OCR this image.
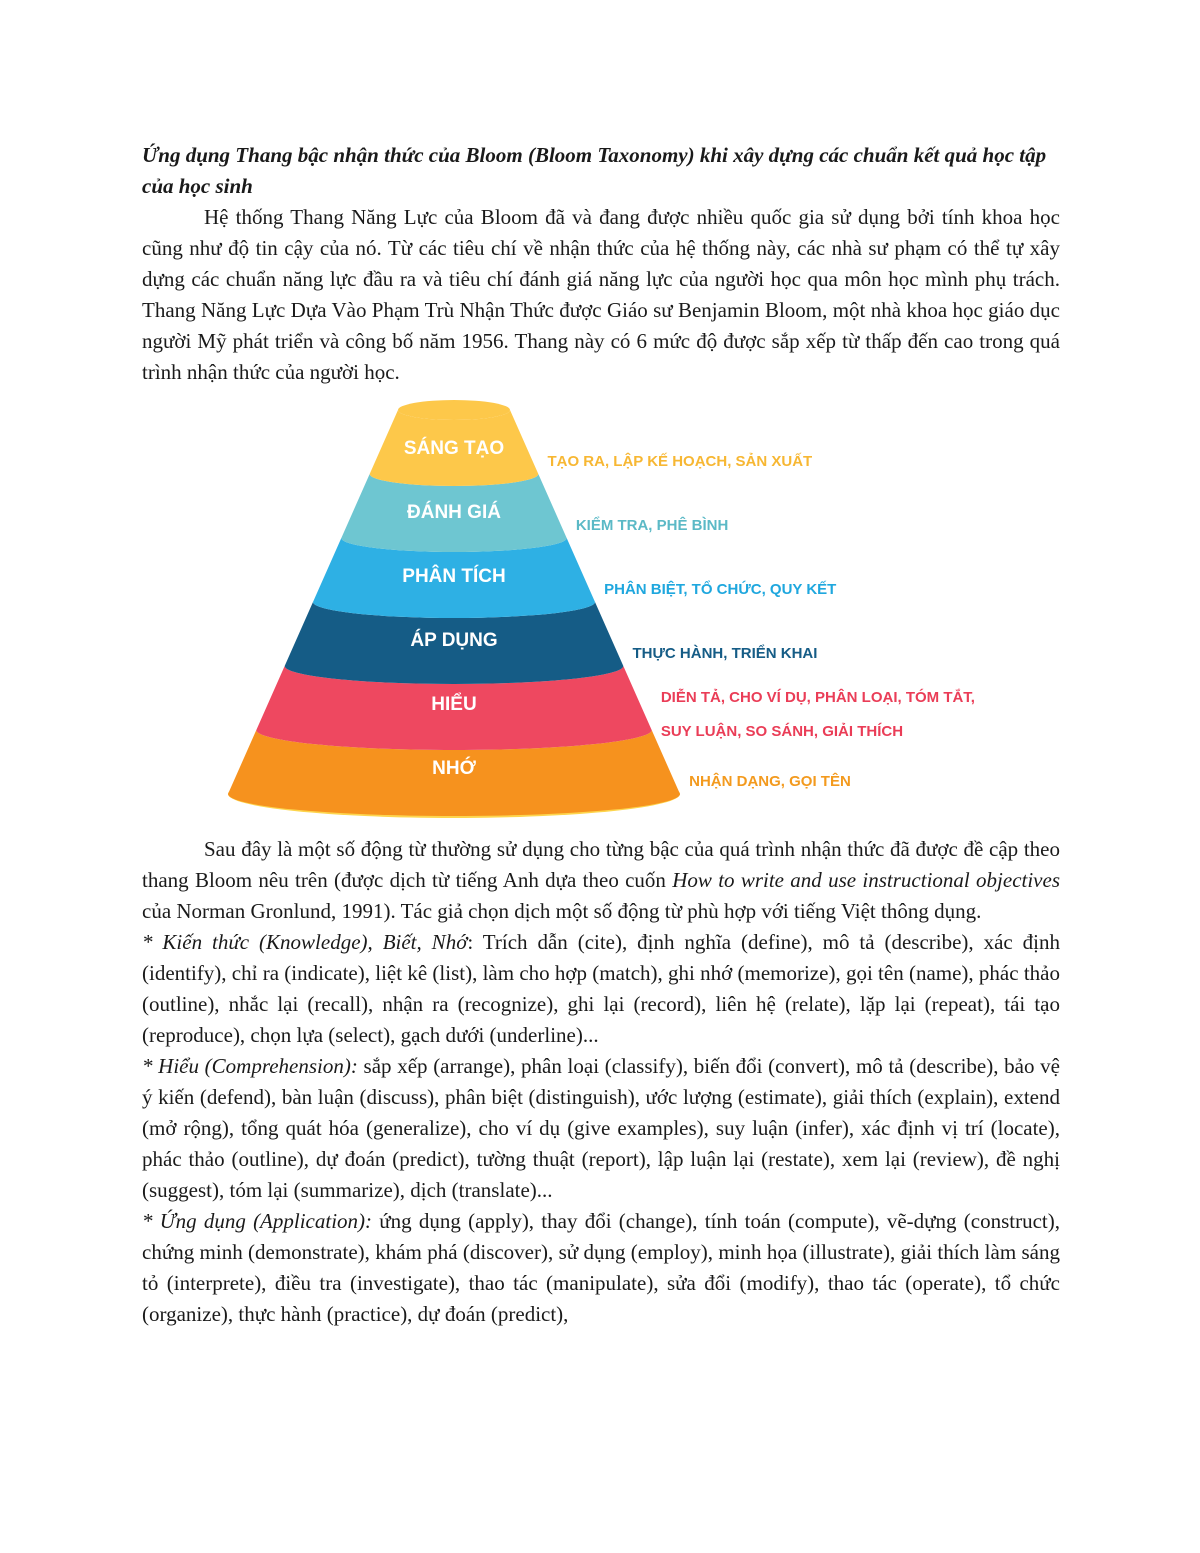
Ứng dụng Thang bậc nhận thức của Bloom (Bloom Taxonomy) khi xây dựng các chuẩn kết quả học tập của học sinh

Hệ thống Thang Năng Lực của Bloom đã và đang được nhiều quốc gia sử dụng bởi tính khoa học cũng như độ tin cậy của nó. Từ các tiêu chí về nhận thức của hệ thống này, các nhà sư phạm có thể tự xây dựng các chuẩn năng lực đầu ra và tiêu chí đánh giá năng lực của người học qua môn học mình phụ trách. Thang Năng Lực Dựa Vào Phạm Trù Nhận Thức được Giáo sư Benjamin Bloom, một nhà khoa học giáo dục người Mỹ phát triển và công bố năm 1956. Thang này có 6 mức độ được sắp xếp từ thấp đến cao trong quá trình nhận thức của người học.

SÁNG TẠO
TẠO RA, LẬP KẾ HOẠCH, SẢN XUẤT
ĐÁNH GIÁ
KIỂM TRA, PHÊ BÌNH
PHÂN TÍCH
PHÂN BIỆT, TỔ CHỨC, QUY KẾT
ÁP DỤNG
THỰC HÀNH, TRIỂN KHAI
HIỂU	DIỄN TẢ, CHO VÍ DỤ, PHÂN LOẠI, TÓM TẮT,
SUY LUẬN, SO SÁNH, GIẢI THÍCH
NHỚ
NHẬN DẠNG, GỌI TÊN

Sau đây là một số động từ thường sử dụng cho từng bậc của quá trình nhận thức đã được đề cập theo thang Bloom nêu trên (được dịch từ tiếng Anh dựa theo cuốn How to write and use instructional objectives của Norman Gronlund, 1991). Tác giả chọn dịch một số động từ phù hợp với tiếng Việt thông dụng.

* Kiến thức (Knowledge), Biết, Nhớ: Trích dẫn (cite), định nghĩa (define), mô tả (describe), xác định (identify), chỉ ra (indicate), liệt kê (list), làm cho hợp (match), ghi nhớ (memorize), gọi tên (name), phác thảo (outline), nhắc lại (recall), nhận ra (recognize), ghi lại (record), liên hệ (relate), lặp lại (repeat), tái tạo (reproduce), chọn lựa (select), gạch dưới (underline)...

* Hiểu (Comprehension): sắp xếp (arrange), phân loại (classify), biến đổi (convert), mô tả (describe), bảo vệ ý kiến (defend), bàn luận (discuss), phân biệt (distinguish), ước lượng (estimate), giải thích (explain), extend (mở rộng), tổng quát hóa (generalize), cho ví dụ (give examples), suy luận (infer), xác định vị trí (locate), phác thảo (outline), dự đoán (predict), tường thuật (report), lập luận lại (restate), xem lại (review), đề nghị (suggest), tóm lại (summarize), dịch (translate)...

* Ứng dụng (Application): ứng dụng (apply), thay đổi (change), tính toán (compute), vẽ-dựng (construct), chứng minh (demonstrate), khám phá (discover), sử dụng (employ), minh họa (illustrate), giải thích làm sáng tỏ (interprete), điều tra (investigate), thao tác (manipulate), sửa đổi (modify), thao tác (operate), tổ chức (organize), thực hành (practice), dự đoán (predict),
